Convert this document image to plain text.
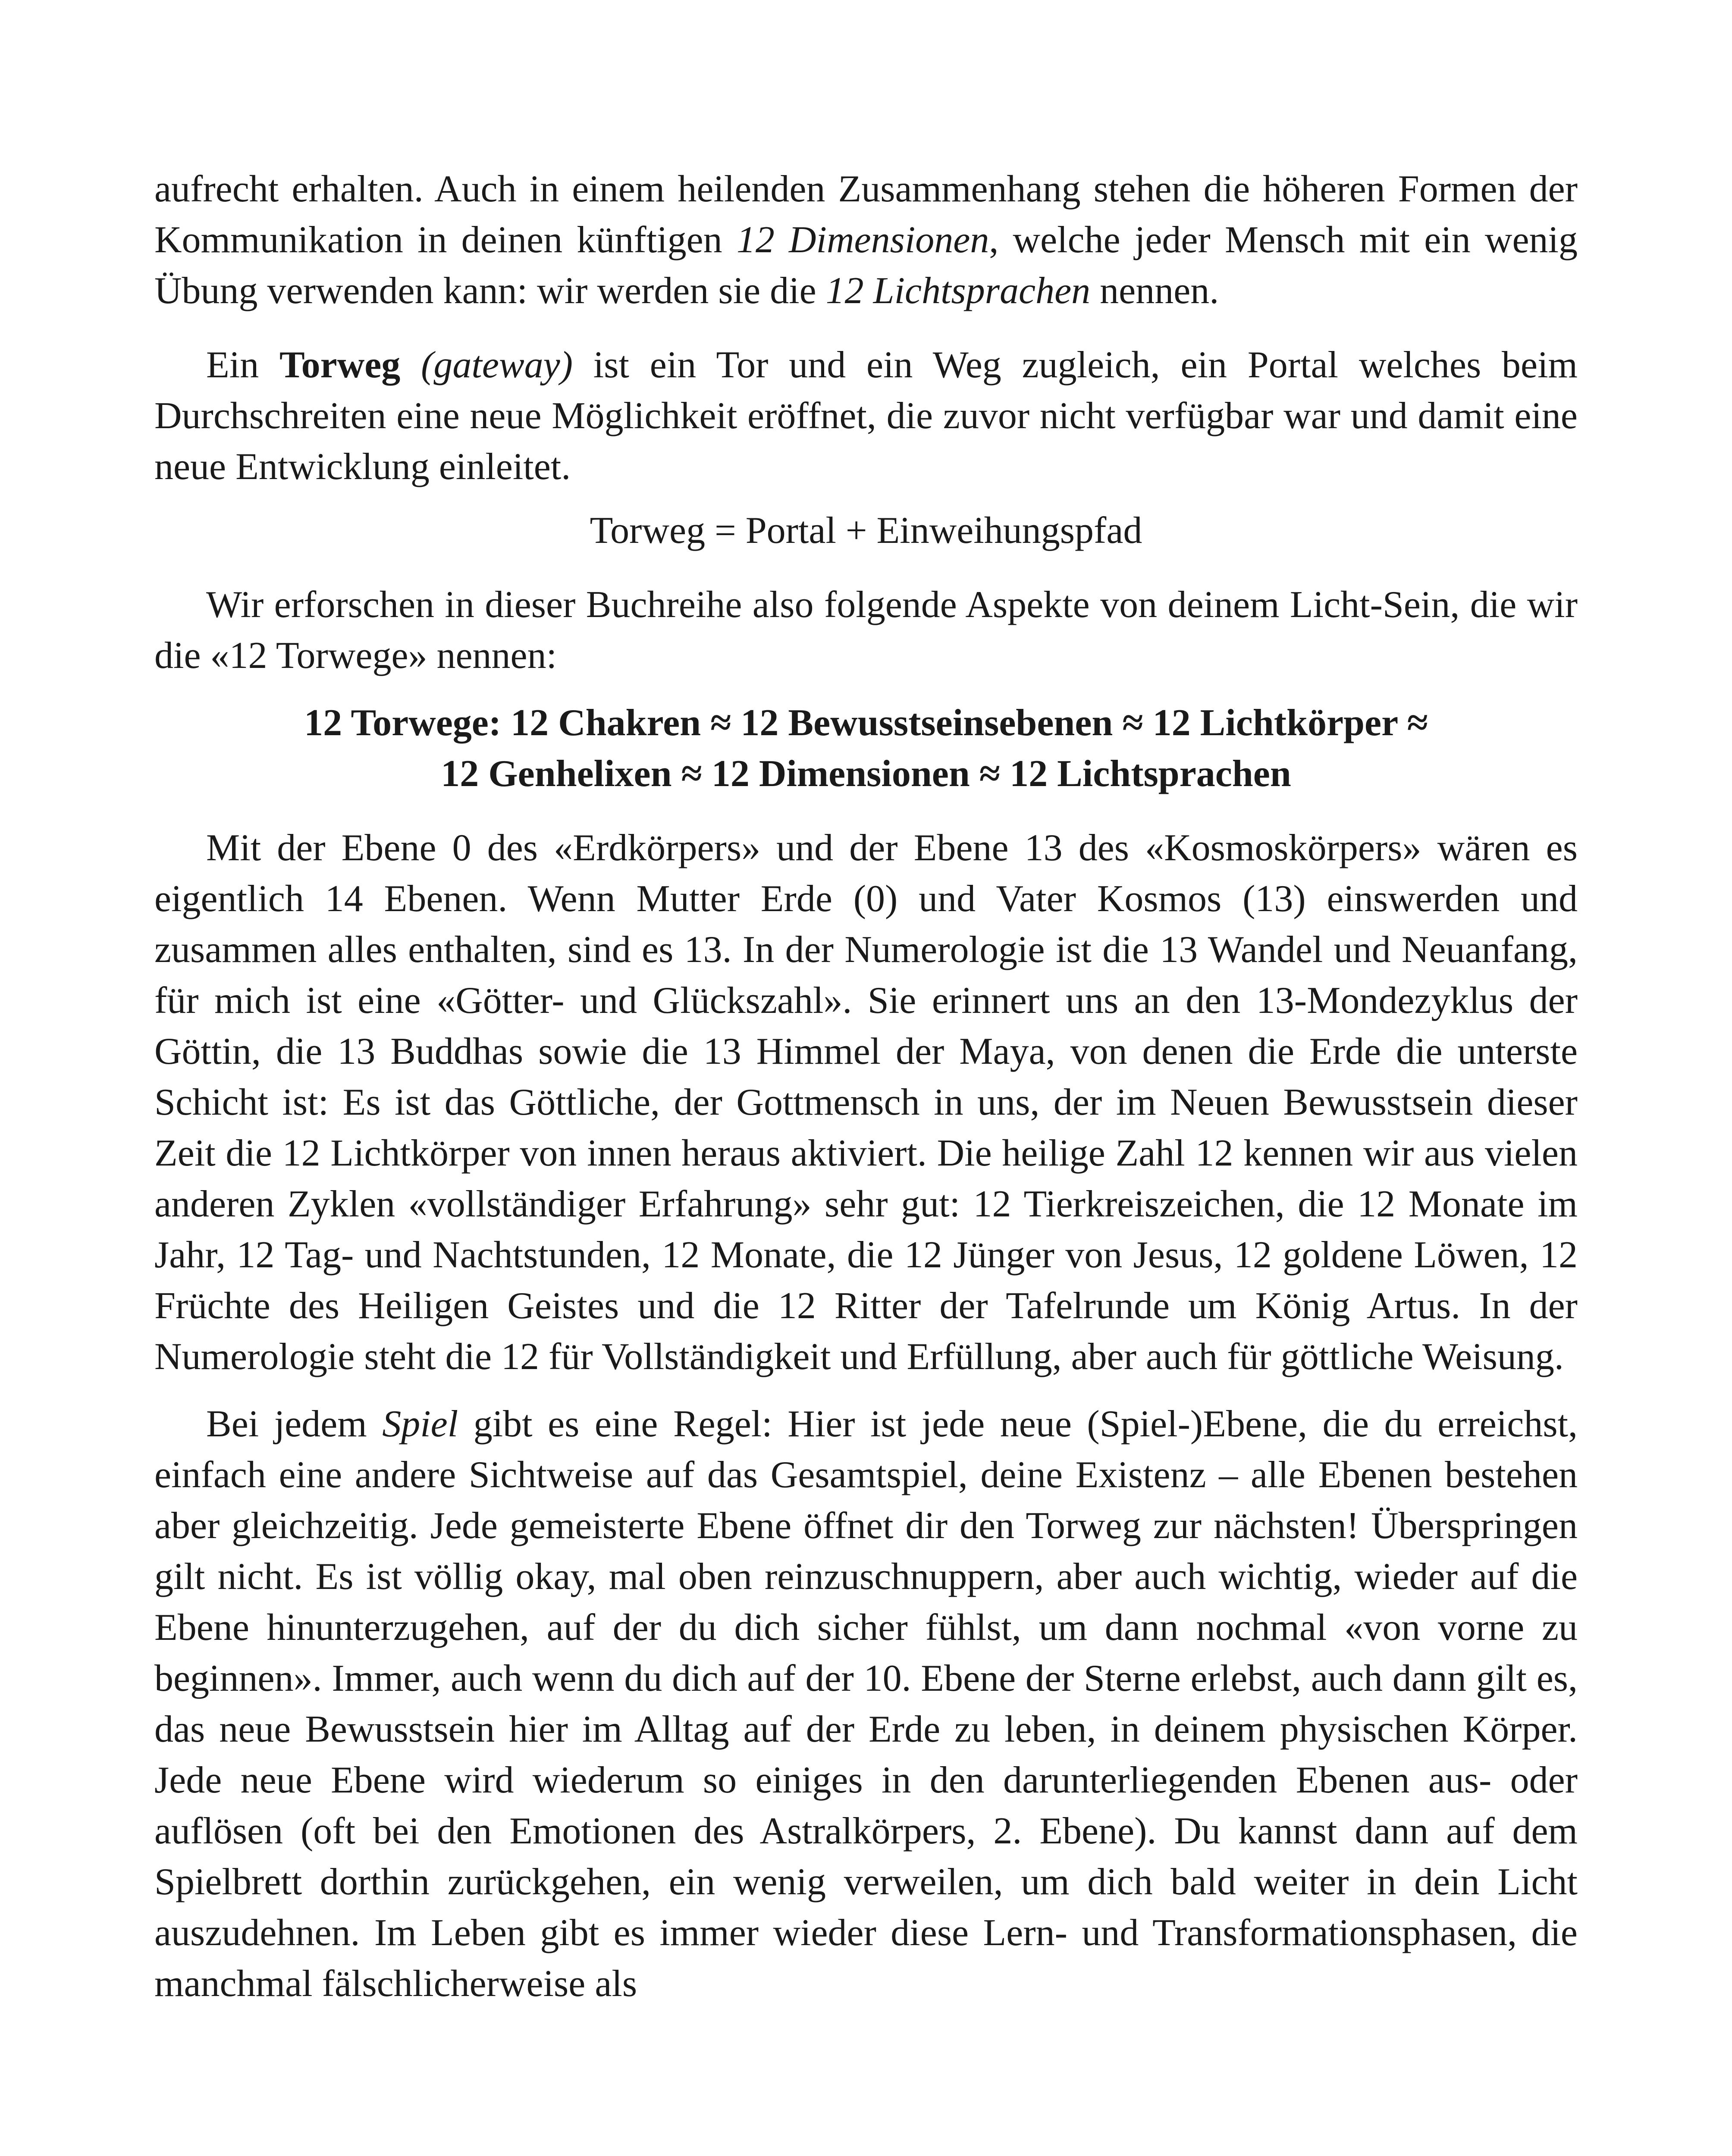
aufrecht erhalten. Auch in einem heilenden Zusammenhang stehen die höheren Formen der Kommunikation in deinen künftigen 12 Dimensionen, welche jeder Mensch mit ein wenig Übung verwenden kann: wir werden sie die 12 Lichtsprachen nennen.

Ein Torweg (gateway) ist ein Tor und ein Weg zugleich, ein Portal welches beim Durchschreiten eine neue Möglichkeit eröffnet, die zuvor nicht verfügbar war und damit eine neue Entwicklung einleitet.

Torweg = Portal + Einweihungspfad

Wir erforschen in dieser Buchreihe also folgende Aspekte von deinem Licht-Sein, die wir die «12 Torwege» nennen:

12 Torwege: 12 Chakren ≈ 12 Bewusstseinsebenen ≈ 12 Lichtkörper ≈
12 Genhelixen ≈ 12 Dimensionen ≈ 12 Lichtsprachen

Mit der Ebene 0 des «Erdkörpers» und der Ebene 13 des «Kosmoskörpers» wären es eigentlich 14 Ebenen. Wenn Mutter Erde (0) und Vater Kosmos (13) einswerden und zusammen alles enthalten, sind es 13. In der Numerologie ist die 13 Wandel und Neuanfang, für mich ist eine «Götter- und Glückszahl». Sie erinnert uns an den 13-Mondezyklus der Göttin, die 13 Buddhas sowie die 13 Himmel der Maya, von denen die Erde die unterste Schicht ist: Es ist das Göttliche, der Gottmensch in uns, der im Neuen Bewusstsein dieser Zeit die 12 Lichtkörper von innen heraus aktiviert. Die heilige Zahl 12 kennen wir aus vielen anderen Zyklen «vollständiger Erfahrung» sehr gut: 12 Tierkreiszeichen, die 12 Monate im Jahr, 12 Tag- und Nachtstunden, 12 Monate, die 12 Jünger von Jesus, 12 goldene Löwen, 12 Früchte des Heiligen Geistes und die 12 Ritter der Tafelrunde um König Artus. In der Numerologie steht die 12 für Vollständigkeit und Erfüllung, aber auch für göttliche Weisung.

Bei jedem Spiel gibt es eine Regel: Hier ist jede neue (Spiel-)Ebene, die du erreichst, einfach eine andere Sichtweise auf das Gesamtspiel, deine Existenz – alle Ebenen bestehen aber gleichzeitig. Jede gemeisterte Ebene öffnet dir den Torweg zur nächsten! Überspringen gilt nicht. Es ist völlig okay, mal oben reinzuschnuppern, aber auch wichtig, wieder auf die Ebene hinunterzugehen, auf der du dich sicher fühlst, um dann nochmal «von vorne zu beginnen». Immer, auch wenn du dich auf der 10. Ebene der Sterne erlebst, auch dann gilt es, das neue Bewusstsein hier im Alltag auf der Erde zu leben, in deinem physischen Körper. Jede neue Ebene wird wiederum so einiges in den darunterliegenden Ebenen aus- oder auflösen (oft bei den Emotionen des Astralkörpers, 2. Ebene). Du kannst dann auf dem Spielbrett dorthin zurückgehen, ein wenig verweilen, um dich bald weiter in dein Licht auszudehnen. Im Leben gibt es immer wieder diese Lern- und Transformationsphasen, die manchmal fälschlicherweise als
